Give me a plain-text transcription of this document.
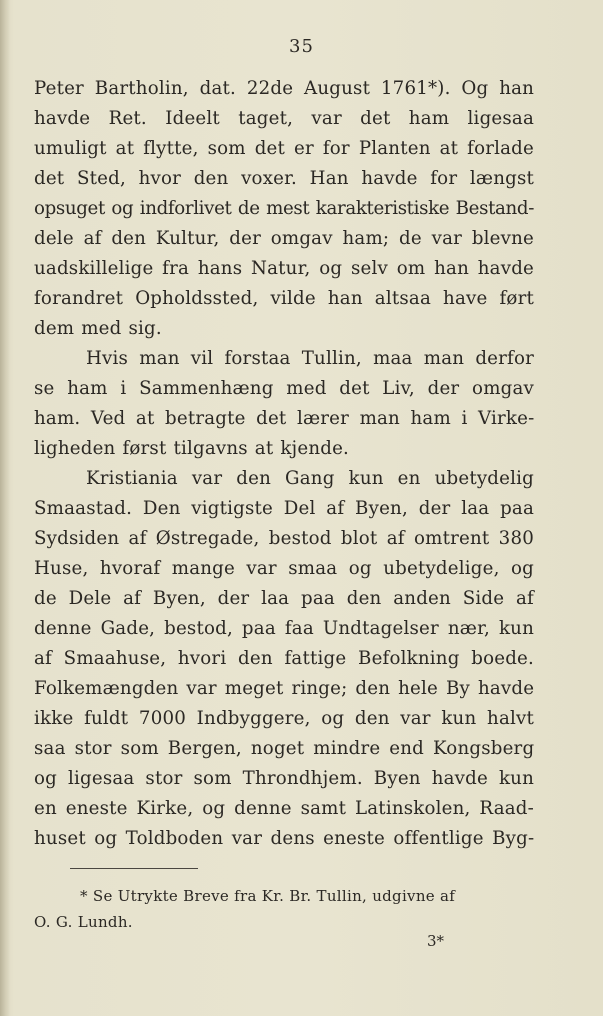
35
Peter Bartholin, dat. 22de August 1761*). Og han
havde Ret. Ideelt taget, var det ham ligesaa
umuligt at flytte, som det er for Planten at forlade
det Sted, hvor den voxer. Han havde for længst
opsuget og indforlivet de mest karakteristiske Bestand-
dele af den Kultur, der omgav ham; de var blevne
uadskillelige fra hans Natur, og selv om han havde
forandret Opholdssted, vilde han altsaa have ført
dem med sig.
Hvis man vil forstaa Tullin, maa man derfor
se ham i Sammenhæng med det Liv, der omgav
ham. Ved at betragte det lærer man ham i Virke-
ligheden først tilgavns at kjende.
Kristiania var den Gang kun en ubetydelig
Smaastad. Den vigtigste Del af Byen, der laa paa
Sydsiden af Østregade, bestod blot af omtrent 380
Huse, hvoraf mange var smaa og ubetydelige, og
de Dele af Byen, der laa paa den anden Side af
denne Gade, bestod, paa faa Undtagelser nær, kun
af Smaahuse, hvori den fattige Befolkning boede.
Folkemængden var meget ringe; den hele By havde
ikke fuldt 7000 Indbyggere, og den var kun halvt
saa stor som Bergen, noget mindre end Kongsberg
og ligesaa stor som Throndhjem. Byen havde kun
en eneste Kirke, og denne samt Latinskolen, Raad-
huset og Toldboden var dens eneste offentlige Byg-
* Se Utrykte Breve fra Kr. Br. Tullin, udgivne af
O. G. Lundh.
3*
